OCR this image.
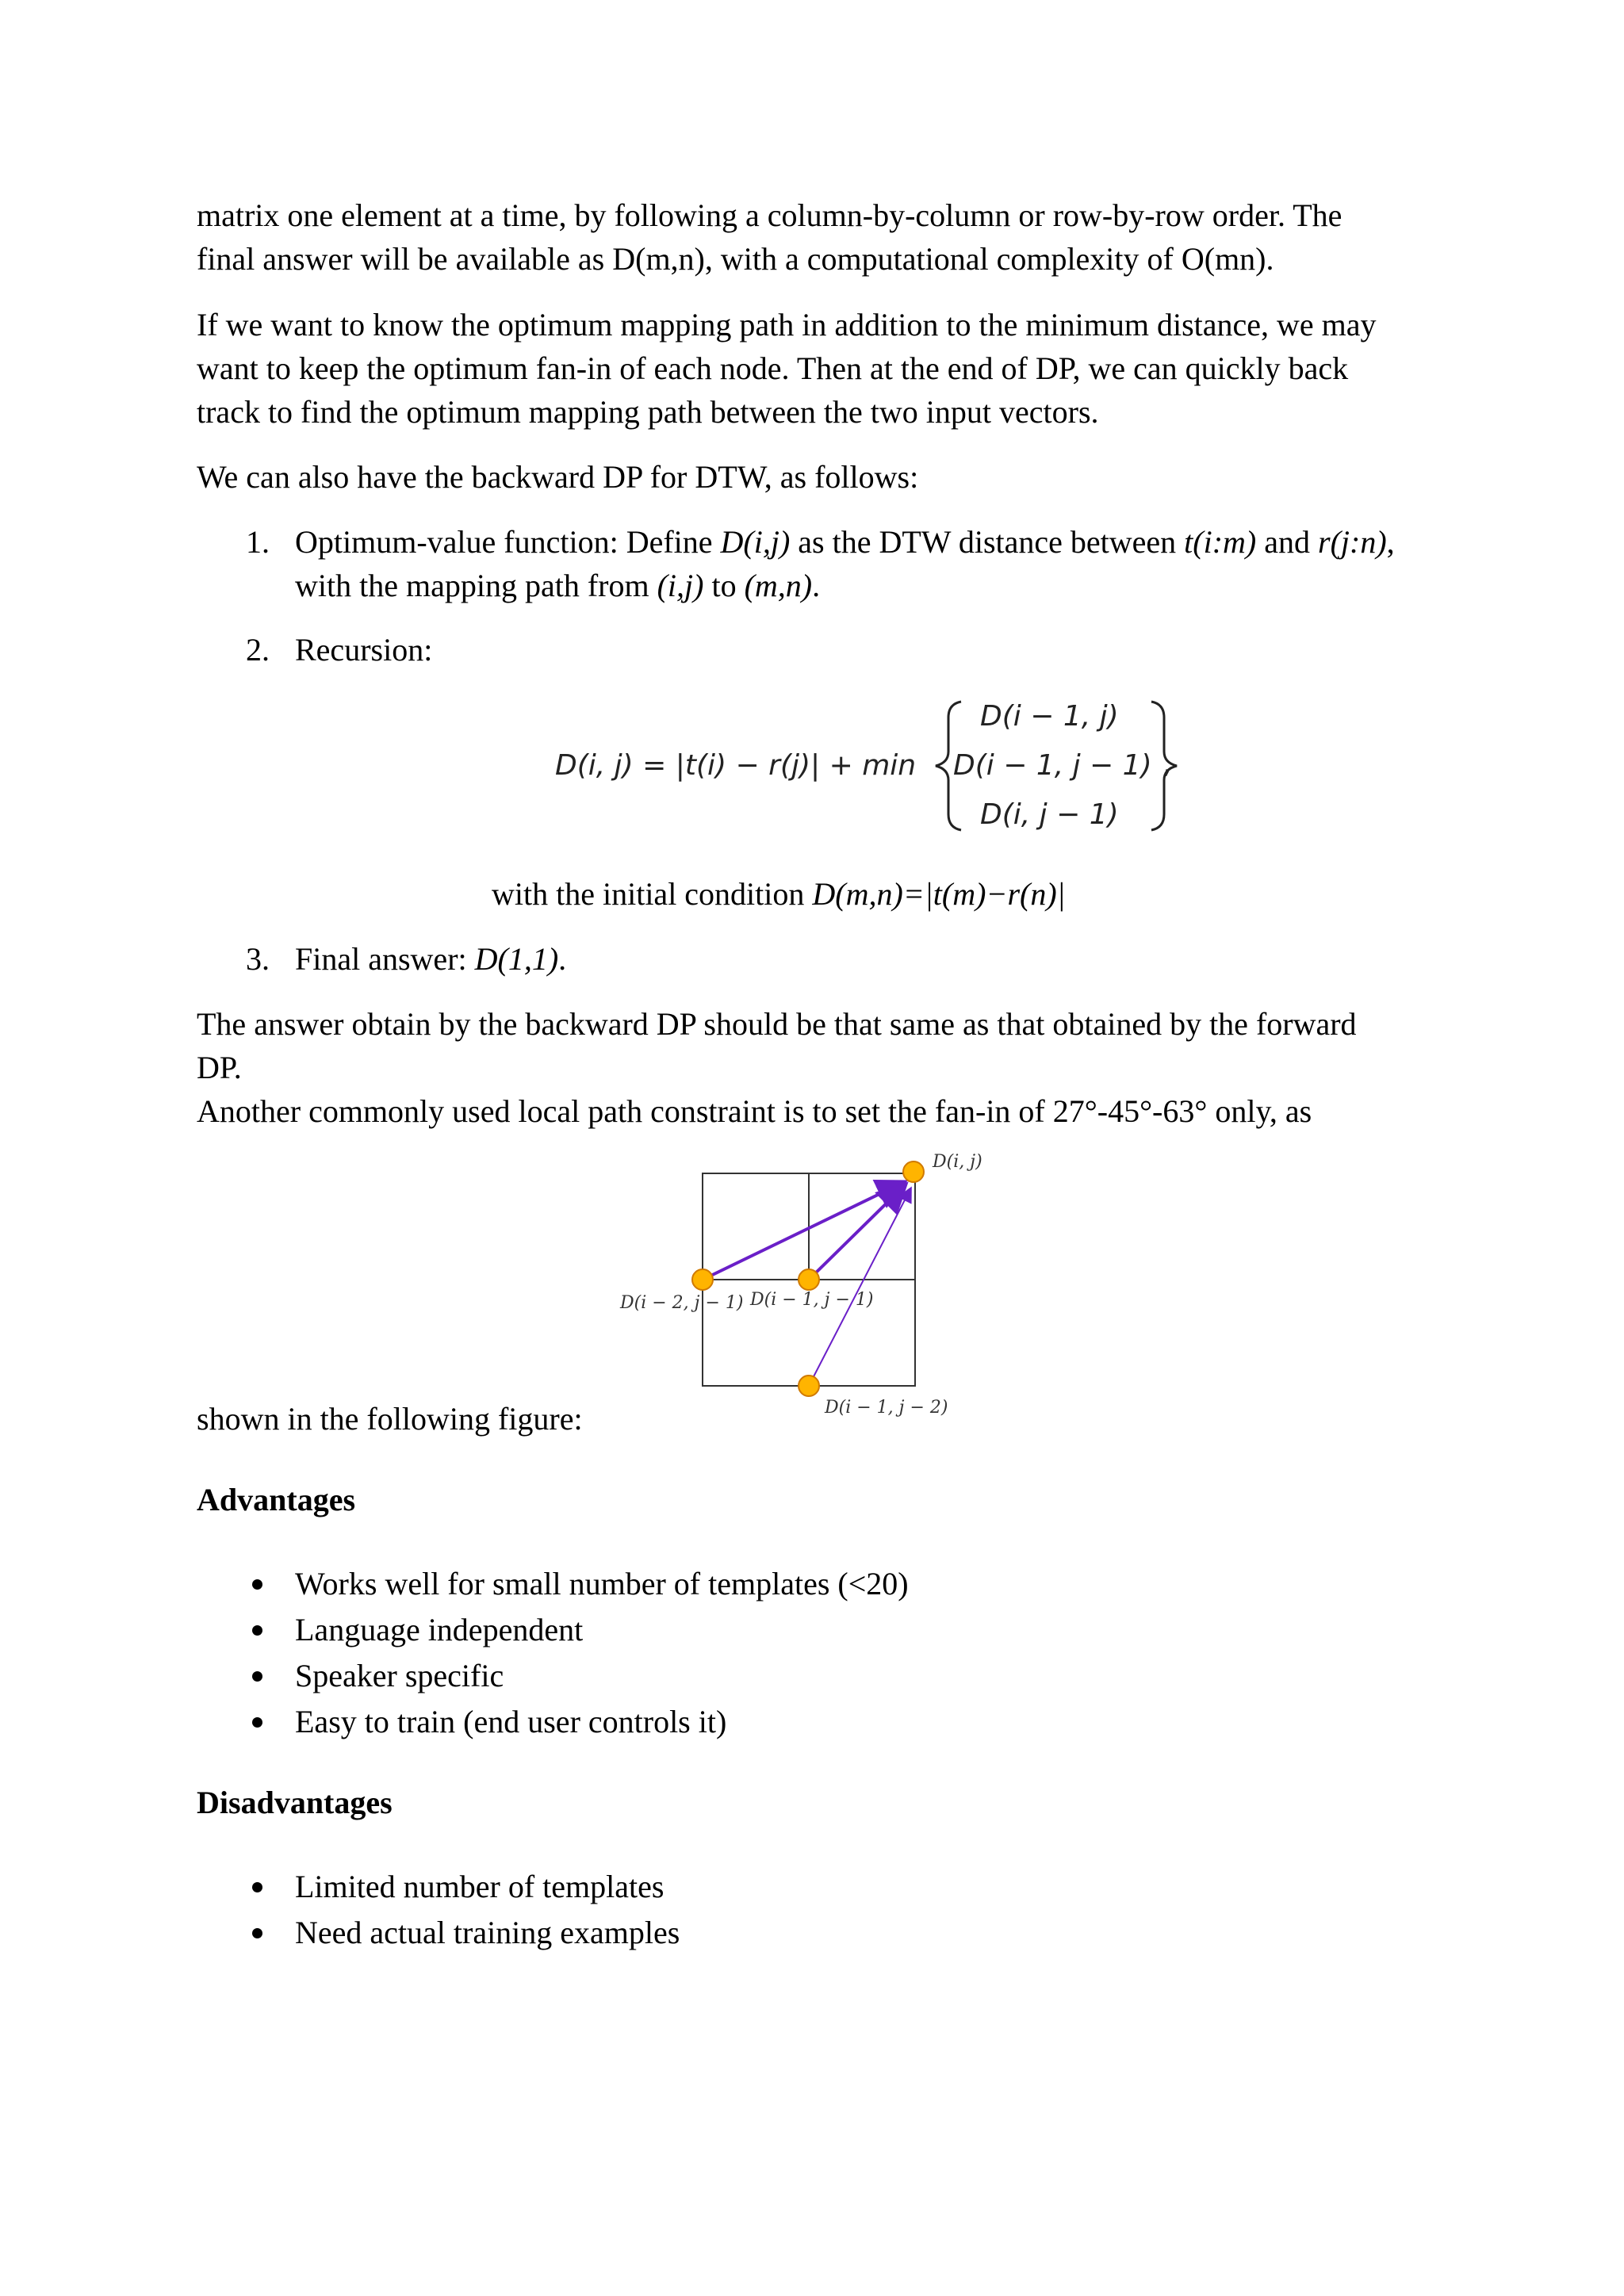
matrix one element at a time, by following a column-by-column or row-by-row order. The
final answer will be available as D(m,n), with a computational complexity of O(mn).

If we want to know the optimum mapping path in addition to the minimum distance, we may
want to keep the optimum fan-in of each node. Then at the end of DP, we can quickly back
track to find the optimum mapping path between the two input vectors.

We can also have the backward DP for DTW, as follows:

1. Optimum-value function: Define D(i,j) as the DTW distance between t(i:m) and r(j:n),
with the mapping path from (i,j) to (m,n).
2. Recursion:
D(i, j) = |t(i) − r(j)| + min
D(i − 1, j)
D(i − 1, j − 1)
D(i, j − 1)
,
with the initial condition D(m,n)=|t(m)−r(n)|
3. Final answer: D(1,1).

The answer obtain by the backward DP should be that same as that obtained by the forward
DP.

Another commonly used local path constraint is to set the fan-in of 27°-45°-63° only, as

D(i, j)
D(i − 2, j − 1) D(i − 1, j − 1)
D(i − 1, j − 2)

shown in the following figure:

Advantages
Works well for small number of templates (<20)
Language independent
Speaker specific
Easy to train (end user controls it)
Disadvantages
Limited number of templates
Need actual training examples
